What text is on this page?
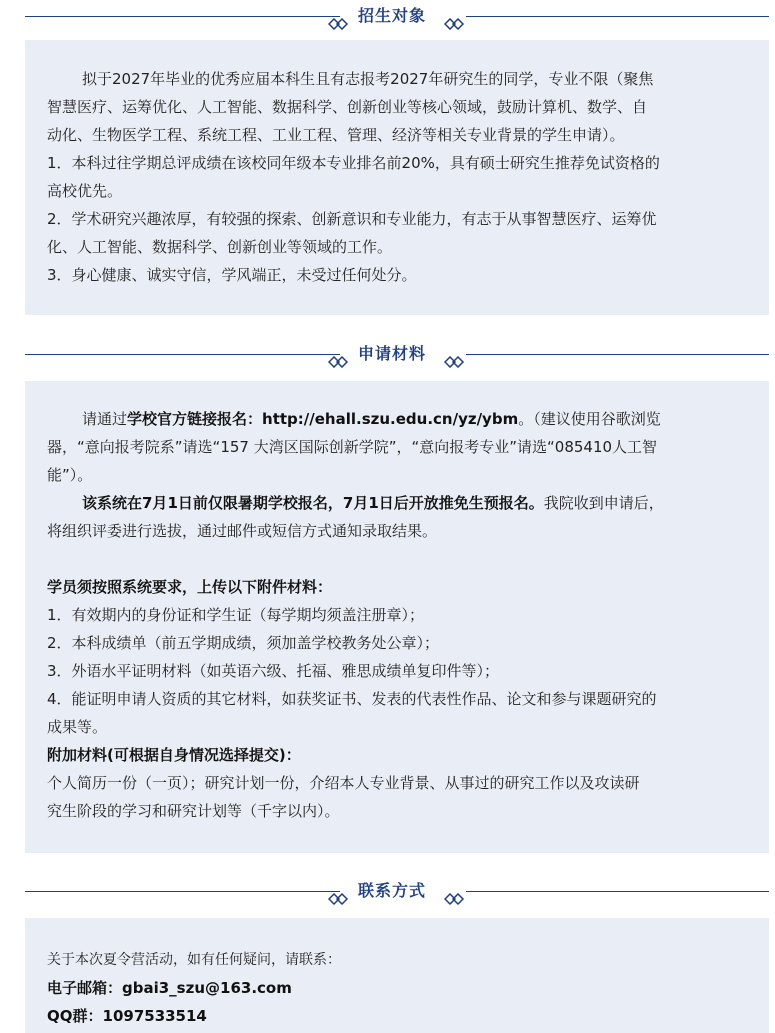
招生对象

拟于2027年毕业的优秀应届本科生且有志报考2027年研究生的同学，专业不限（聚焦

智慧医疗、运筹优化、人工智能、数据科学、创新创业等核心领域，鼓励计算机、数学、自

动化、生物医学工程、系统工程、工业工程、管理、经济等相关专业背景的学生申请）。

1．本科过往学期总评成绩在该校同年级本专业排名前20%，具有硕士研究生推荐免试资格的

高校优先。

2．学术研究兴趣浓厚，有较强的探索、创新意识和专业能力，有志于从事智慧医疗、运筹优

化、人工智能、数据科学、创新创业等领域的工作。

3．身心健康、诚实守信，学风端正，未受过任何处分。

申请材料

请通过学校官方链接报名：http://ehall.szu.edu.cn/yz/ybm。（建议使用谷歌浏览

器，“意向报考院系”请选“157 大湾区国际创新学院”，“意向报考专业”请选“085410人工智

能”）。

该系统在7月1日前仅限暑期学校报名，7月1日后开放推免生预报名。我院收到申请后，

将组织评委进行选拔，通过邮件或短信方式通知录取结果。

学员须按照系统要求，上传以下附件材料：

1．有效期内的身份证和学生证（每学期均须盖注册章）；

2．本科成绩单（前五学期成绩，须加盖学校教务处公章）；

3．外语水平证明材料（如英语六级、托福、雅思成绩单复印件等）；

4．能证明申请人资质的其它材料，如获奖证书、发表的代表性作品、论文和参与课题研究的

成果等。

附加材料(可根据自身情况选择提交)：

个人简历一份（一页）；研究计划一份，介绍本人专业背景、从事过的研究工作以及攻读研

究生阶段的学习和研究计划等（千字以内）。

联系方式

关于本次夏令营活动，如有任何疑问，请联系：

电子邮箱：gbai3_szu@163.com

QQ群：1097533514
